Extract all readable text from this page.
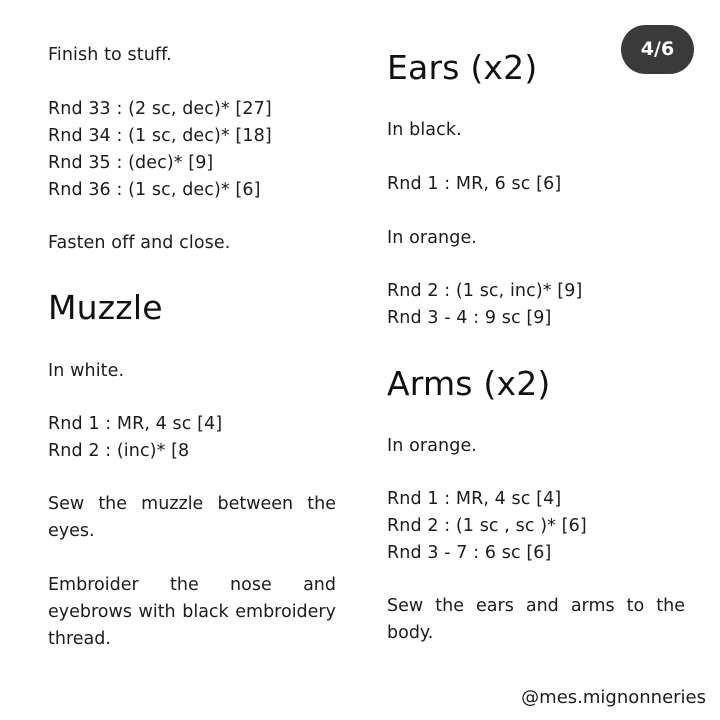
Finish to stuff.
Rnd 33 : (2 sc, dec)* [27]
Rnd 34 : (1 sc, dec)* [18]
Rnd 35 : (dec)* [9]
Rnd 36 : (1 sc, dec)* [6]
Fasten off and close.
Muzzle
In white.
Rnd 1 : MR, 4 sc [4]
Rnd 2 : (inc)* [8
Sew the muzzle between the eyes.
Embroider the nose and eyebrows with black embroidery thread.
Ears (x2)
In black.
Rnd 1 : MR, 6 sc [6]
In orange.
Rnd 2 : (1 sc, inc)* [9]
Rnd 3 - 4 : 9 sc [9]
Arms (x2)
In orange.
Rnd 1 : MR, 4 sc [4]
Rnd 2 : (1 sc , sc )* [6]
Rnd 3 - 7 : 6 sc [6]
Sew the ears and arms to the body.
4/6
@mes.mignonneries
